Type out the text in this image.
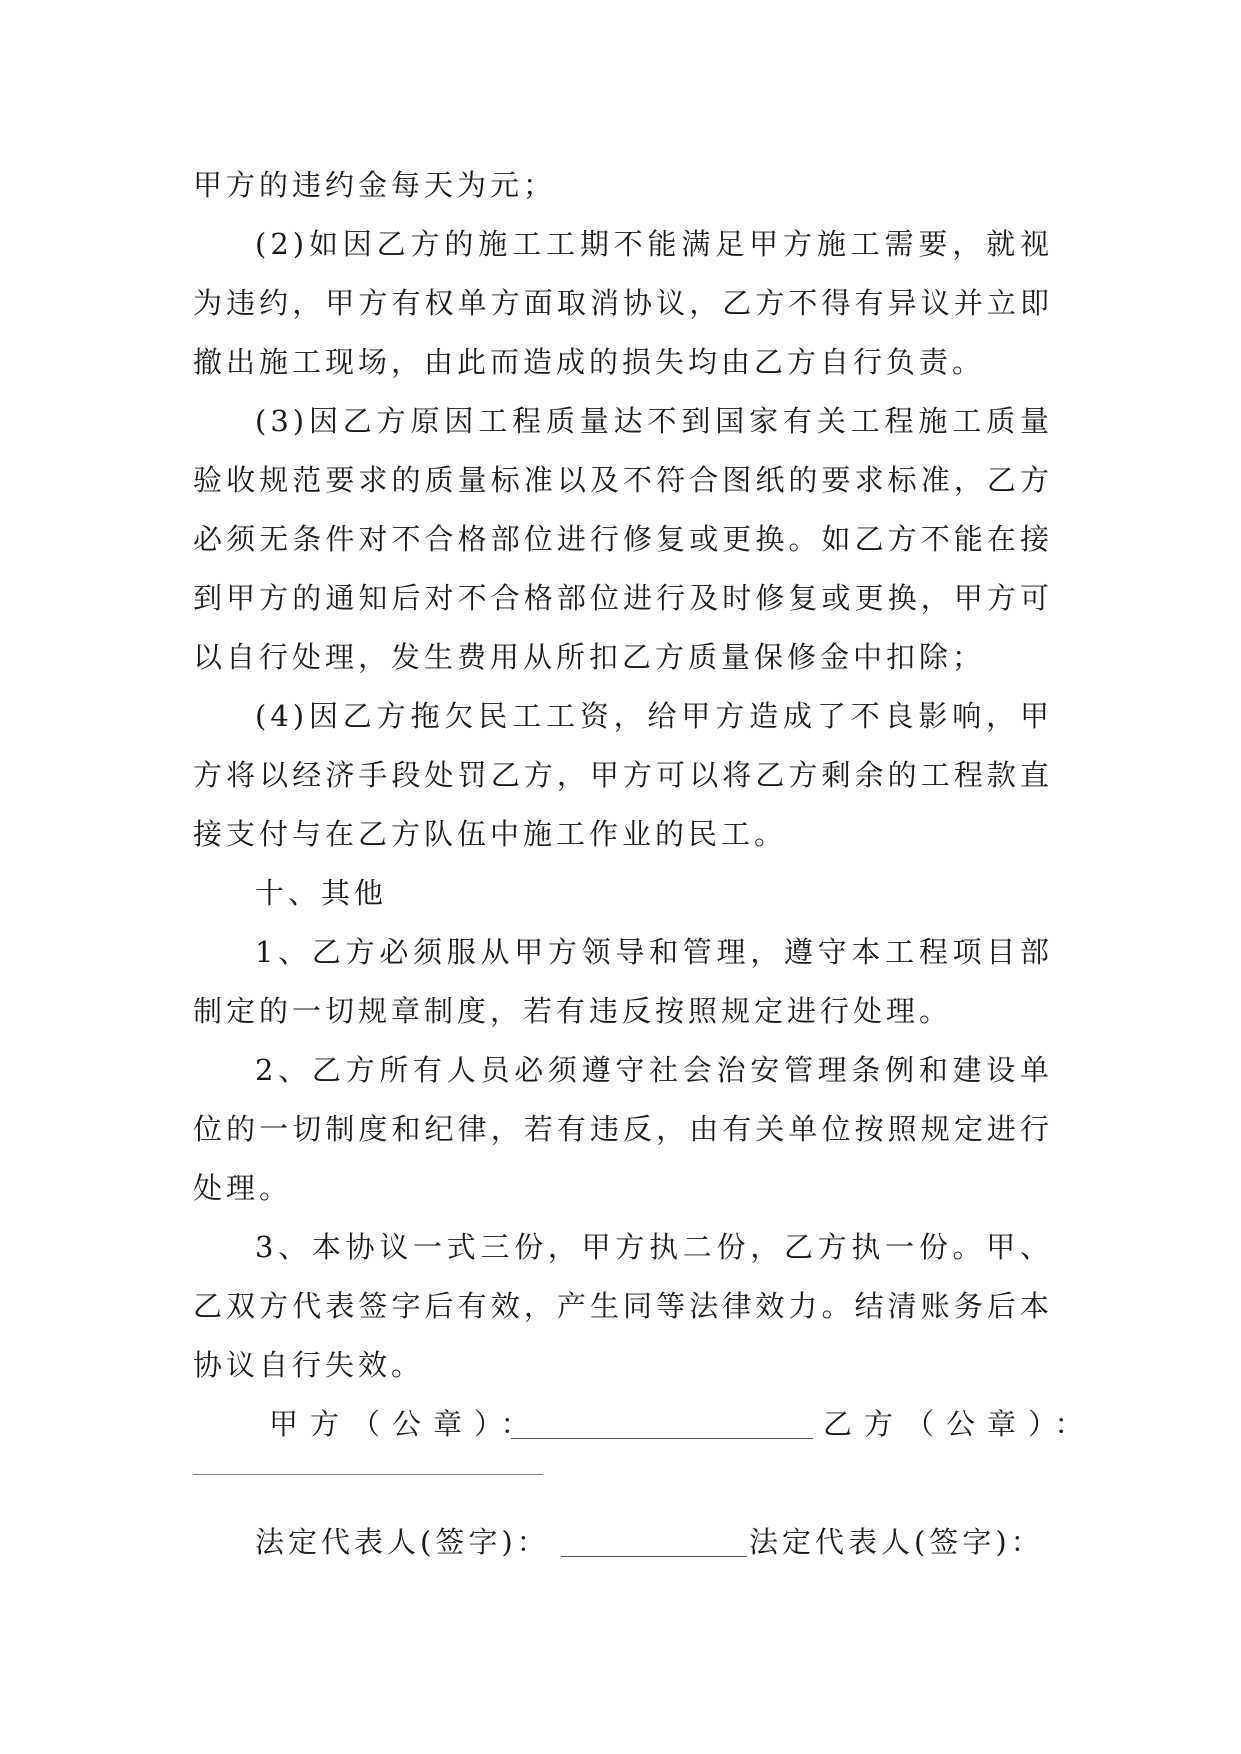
甲方的违约金每天为元；

(2)如因乙方的施工工期不能满足甲方施工需要，就视为违约，甲方有权单方面取消协议，乙方不得有异议并立即撤出施工现场，由此而造成的损失均由乙方自行负责。

(3)因乙方原因工程质量达不到国家有关工程施工质量验收规范要求的质量标准以及不符合图纸的要求标准，乙方必须无条件对不合格部位进行修复或更换。如乙方不能在接到甲方的通知后对不合格部位进行及时修复或更换，甲方可以自行处理，发生费用从所扣乙方质量保修金中扣除；

(4)因乙方拖欠民工工资，给甲方造成了不良影响，甲方将以经济手段处罚乙方，甲方可以将乙方剩余的工程款直接支付与在乙方队伍中施工作业的民工。

十、其他

1、乙方必须服从甲方领导和管理，遵守本工程项目部制定的一切规章制度，若有违反按照规定进行处理。

2、乙方所有人员必须遵守社会治安管理条例和建设单位的一切制度和纪律，若有违反，由有关单位按照规定进行处理。

3、本协议一式三份，甲方执二份，乙方执一份。甲、乙双方代表签字后有效，产生同等法律效力。结清账务后本协议自行失效。

甲方（公章）：	乙方（公章）：
法定代表人(签字)：	法定代表人(签字)：
